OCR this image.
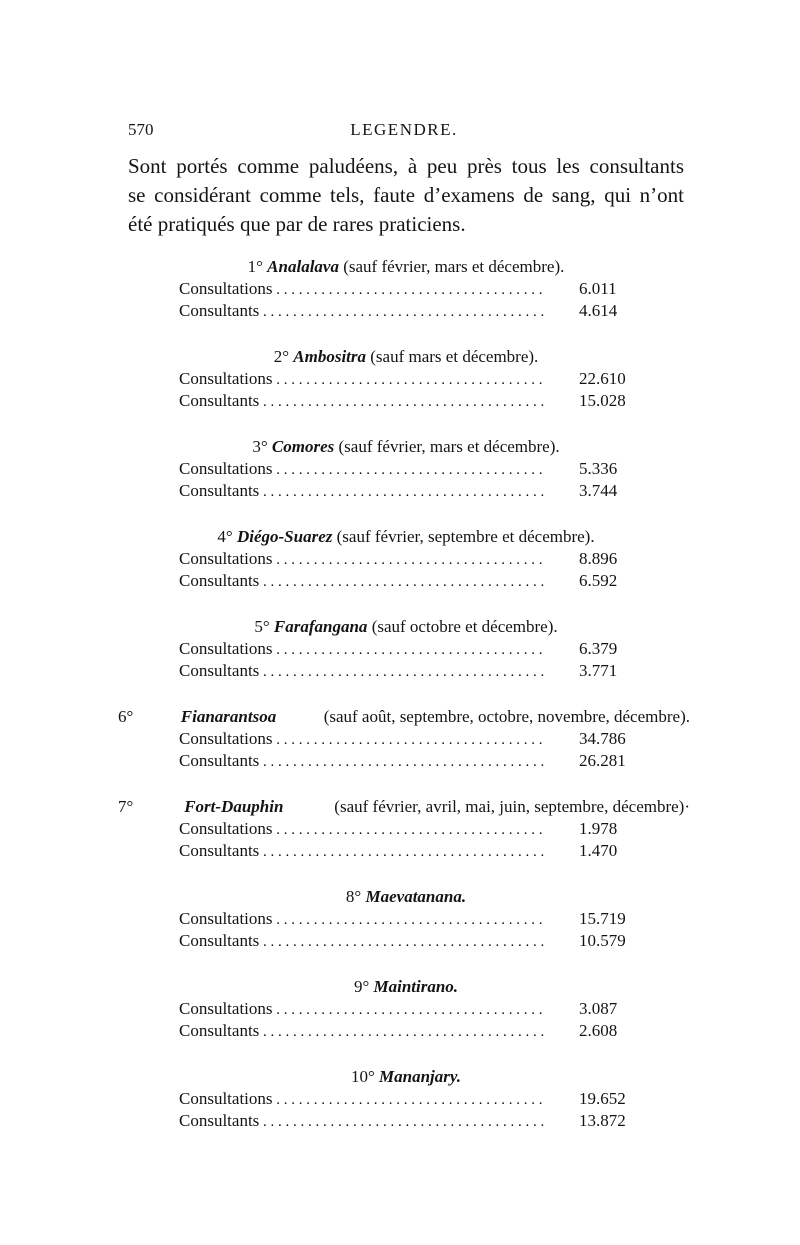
570	LEGENDRE.
Sont portés comme paludéens, à peu près tous les consultants
se considérant comme tels, faute d’examens de sang, qui n’ont
été pratiqués que par de rares praticiens.
1° Analalava (sauf février, mars et décembre).
Consultations . . .	6.011
Consultants . . .	4.614
2° Ambositra (sauf mars et décembre).
Consultations . . .	22.610
Consultants . . .	15.028
3° Comores (sauf février, mars et décembre).
Consultations . . .	5.336
Consultants . . .	3.744
4° Diégo-Suarez (sauf février, septembre et décembre).
Consultations . . .	8.896
Consultants . . .	6.592
5° Farafangana (sauf octobre et décembre).
Consultations . . .	6.379
Consultants . . .	3.771
6°	Fianarantsoa	(sauf août, septembre, octobre, novembre, décembre).
Consultations . . .	34.786
Consultants . . .	26.281
7°	Fort-Dauphin	(sauf février, avril, mai, juin, septembre, décembre)·
Consultations . . .	1.978
Consultants . . .	1.470
8° Maevatanana.
Consultations . . .	15.719
Consultants . . .	10.579
9° Maintirano.
Consultations . . .	3.087
Consultants . . .	2.608
10° Mananjary.
Consultations . . .	19.652
Consultants . . .	13.872
